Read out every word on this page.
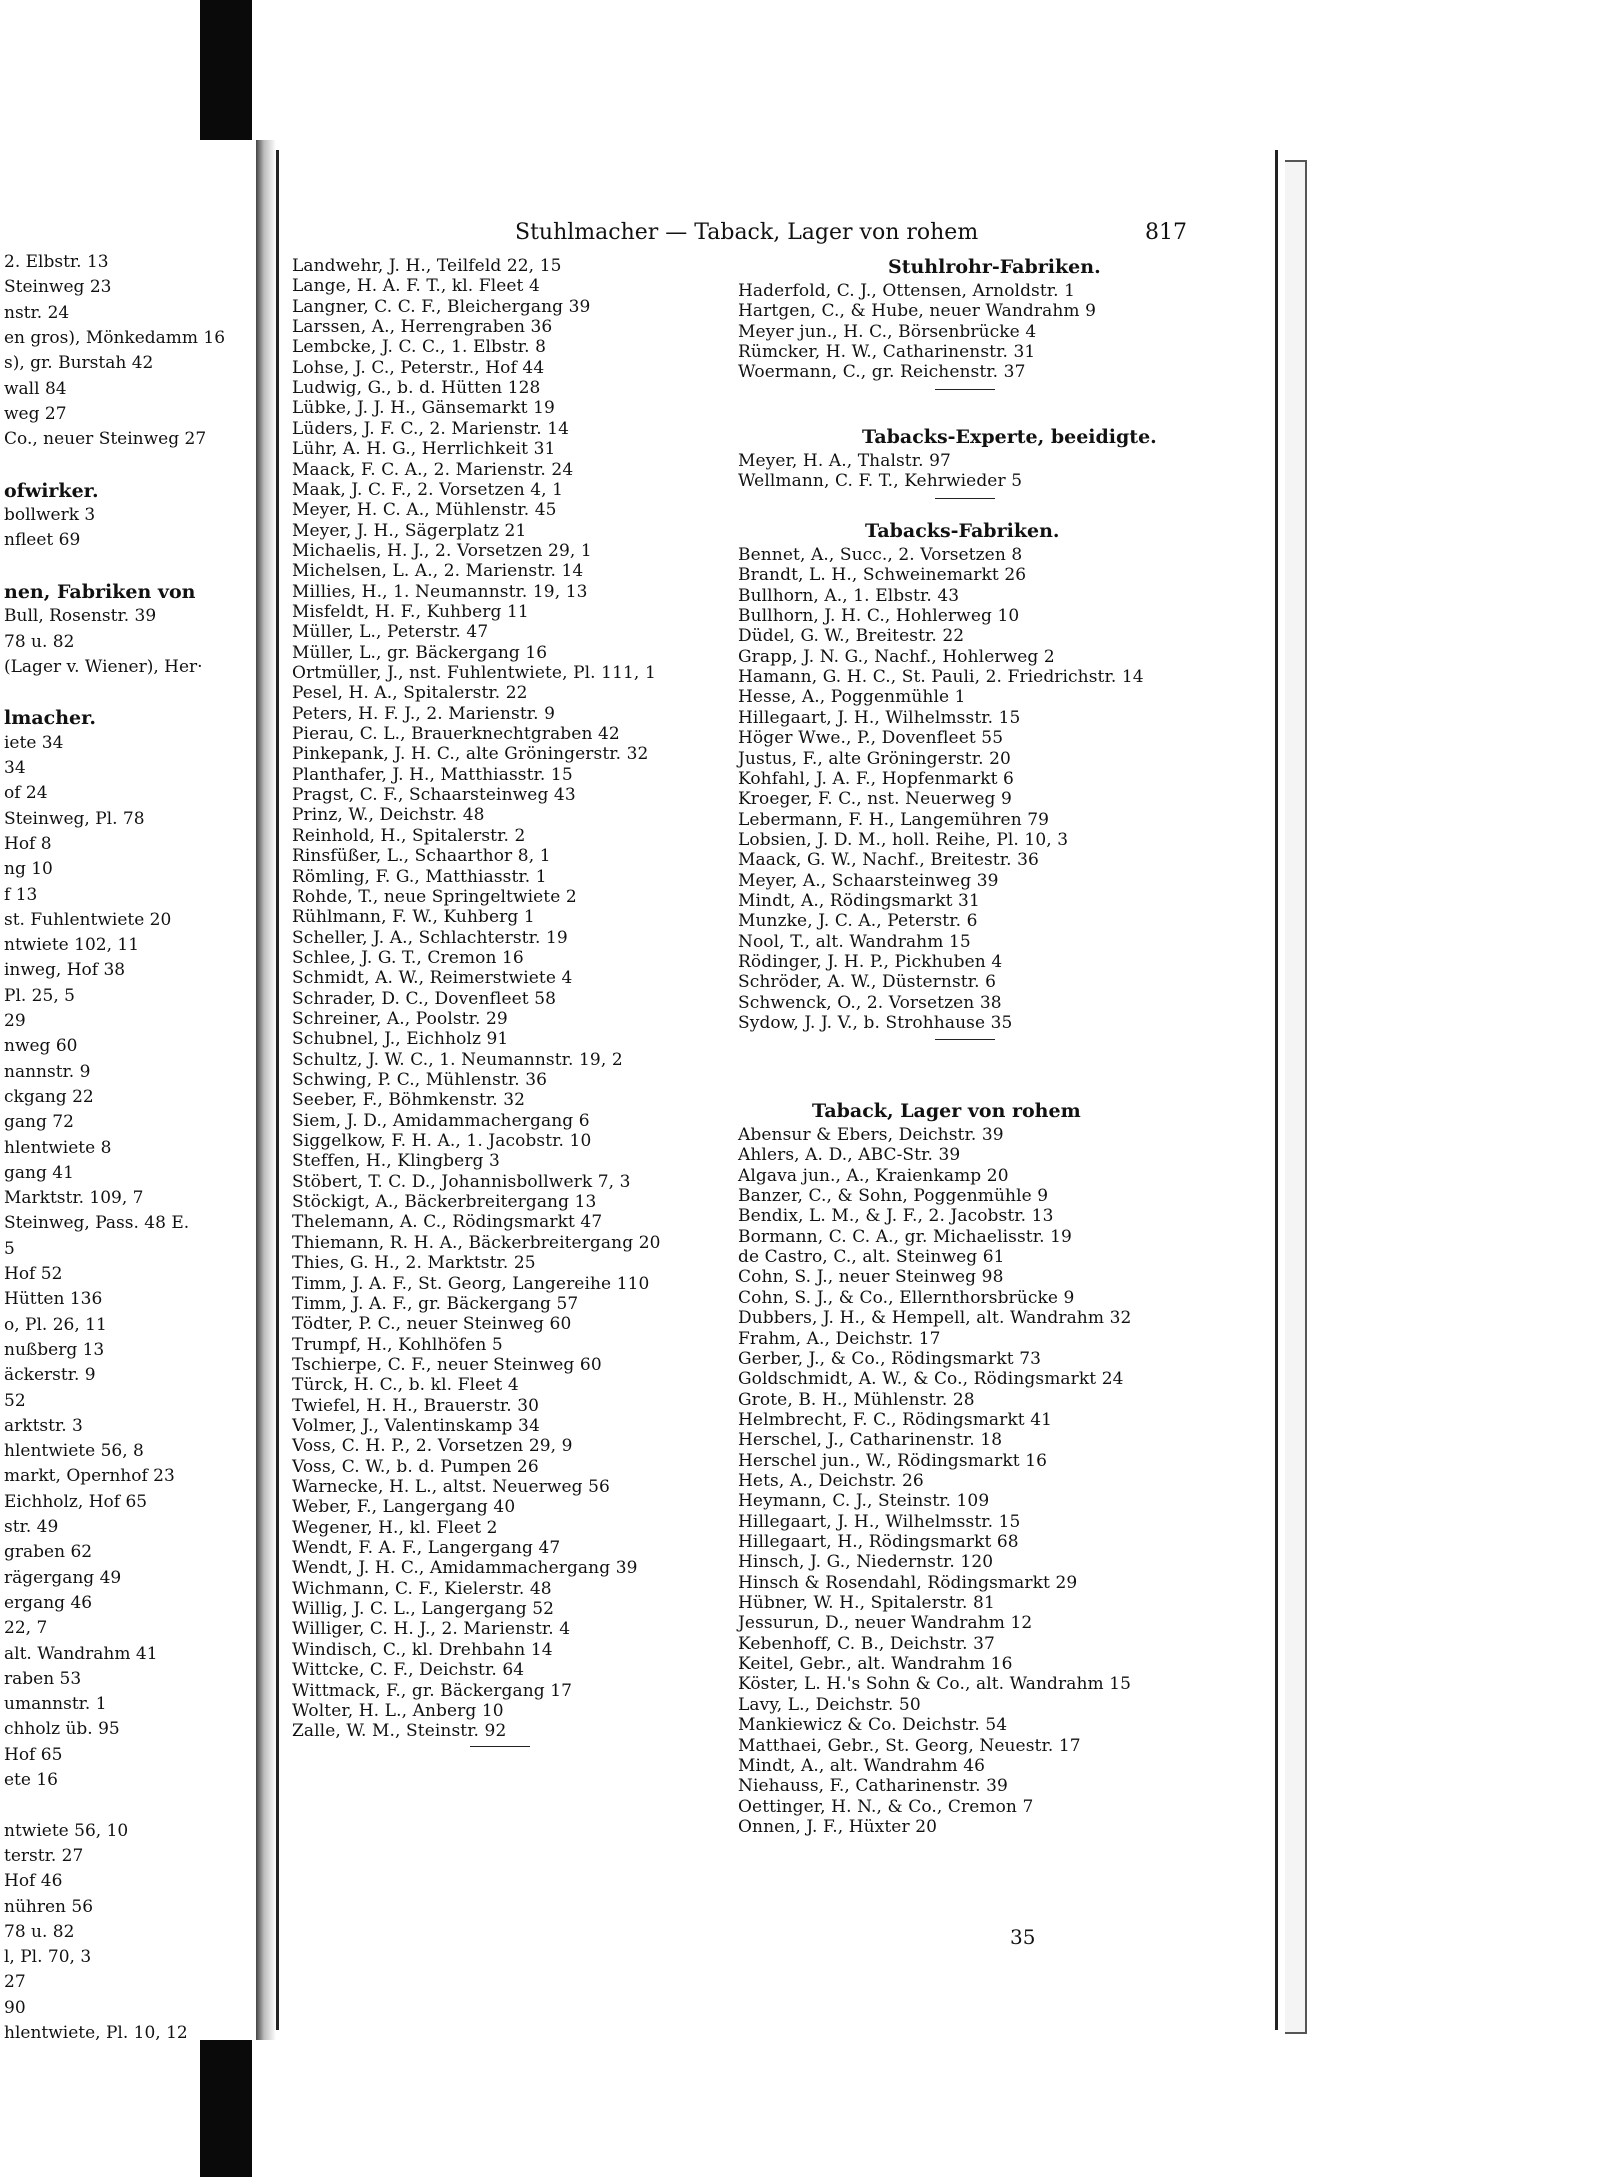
2. Elbstr. 13
Steinweg 23
nstr. 24
en gros), Mönkedamm 16
s), gr. Burstah 42
wall 84
weg 27
Co., neuer Steinweg 27
ofwirker.
bollwerk 3
nfleet 69
nen, Fabriken von
Bull, Rosenstr. 39
78 u. 82
(Lager v. Wiener), Her·
lmacher.
iete 34
34
of 24
Steinweg, Pl. 78
Hof 8
ng 10
f 13
st. Fuhlentwiete 20
ntwiete 102, 11
inweg, Hof 38
Pl. 25, 5
29
nweg 60
nannstr. 9
ckgang 22
gang 72
hlentwiete 8
gang 41
Marktstr. 109, 7
Steinweg, Pass. 48 E.
5
Hof 52
Hütten 136
o, Pl. 26, 11
nußberg 13
äckerstr. 9
52
arktstr. 3
hlentwiete 56, 8
markt, Opernhof 23
Eichholz, Hof 65
str. 49
graben 62
rägergang 49
ergang 46
22, 7
alt. Wandrahm 41
raben 53
umannstr. 1
chholz üb. 95
Hof 65
ete 16
ntwiete 56, 10
terstr. 27
Hof 46
nühren 56
78 u. 82
l, Pl. 70, 3
27
90
hlentwiete, Pl. 10, 12
Stuhlmacher — Taback, Lager von rohem	817
Landwehr, J. H., Teilfeld 22, 15
Lange, H. A. F. T., kl. Fleet 4
Langner, C. C. F., Bleichergang 39
Larssen, A., Herrengraben 36
Lembcke, J. C. C., 1. Elbstr. 8
Lohse, J. C., Peterstr., Hof 44
Ludwig, G., b. d. Hütten 128
Lübke, J. J. H., Gänsemarkt 19
Lüders, J. F. C., 2. Marienstr. 14
Lühr, A. H. G., Herrlichkeit 31
Maack, F. C. A., 2. Marienstr. 24
Maak, J. C. F., 2. Vorsetzen 4, 1
Meyer, H. C. A., Mühlenstr. 45
Meyer, J. H., Sägerplatz 21
Michaelis, H. J., 2. Vorsetzen 29, 1
Michelsen, L. A., 2. Marienstr. 14
Millies, H., 1. Neumannstr. 19, 13
Misfeldt, H. F., Kuhberg 11
Müller, L., Peterstr. 47
Müller, L., gr. Bäckergang 16
Ortmüller, J., nst. Fuhlentwiete, Pl. 111, 1
Pesel, H. A., Spitalerstr. 22
Peters, H. F. J., 2. Marienstr. 9
Pierau, C. L., Brauerknechtgraben 42
Pinkepank, J. H. C., alte Gröningerstr. 32
Planthafer, J. H., Matthiasstr. 15
Pragst, C. F., Schaarsteinweg 43
Prinz, W., Deichstr. 48
Reinhold, H., Spitalerstr. 2
Rinsfüßer, L., Schaarthor 8, 1
Römling, F. G., Matthiasstr. 1
Rohde, T., neue Springeltwiete 2
Rühlmann, F. W., Kuhberg 1
Scheller, J. A., Schlachterstr. 19
Schlee, J. G. T., Cremon 16
Schmidt, A. W., Reimerstwiete 4
Schrader, D. C., Dovenfleet 58
Schreiner, A., Poolstr. 29
Schubnel, J., Eichholz 91
Schultz, J. W. C., 1. Neumannstr. 19, 2
Schwing, P. C., Mühlenstr. 36
Seeber, F., Böhmkenstr. 32
Siem, J. D., Amidammachergang 6
Siggelkow, F. H. A., 1. Jacobstr. 10
Steffen, H., Klingberg 3
Stöbert, T. C. D., Johannisbollwerk 7, 3
Stöckigt, A., Bäckerbreitergang 13
Thelemann, A. C., Rödingsmarkt 47
Thiemann, R. H. A., Bäckerbreitergang 20
Thies, G. H., 2. Marktstr. 25
Timm, J. A. F., St. Georg, Langereihe 110
Timm, J. A. F., gr. Bäckergang 57
Tödter, P. C., neuer Steinweg 60
Trumpf, H., Kohlhöfen 5
Tschierpe, C. F., neuer Steinweg 60
Türck, H. C., b. kl. Fleet 4
Twiefel, H. H., Brauerstr. 30
Volmer, J., Valentinskamp 34
Voss, C. H. P., 2. Vorsetzen 29, 9
Voss, C. W., b. d. Pumpen 26
Warnecke, H. L., altst. Neuerweg 56
Weber, F., Langergang 40
Wegener, H., kl. Fleet 2
Wendt, F. A. F., Langergang 47
Wendt, J. H. C., Amidammachergang 39
Wichmann, C. F., Kielerstr. 48
Willig, J. C. L., Langergang 52
Williger, C. H. J., 2. Marienstr. 4
Windisch, C., kl. Drehbahn 14
Wittcke, C. F., Deichstr. 64
Wittmack, F., gr. Bäckergang 17
Wolter, H. L., Anberg 10
Zalle, W. M., Steinstr. 92
Stuhlrohr-Fabriken.
Haderfold, C. J., Ottensen, Arnoldstr. 1
Hartgen, C., & Hube, neuer Wandrahm 9
Meyer jun., H. C., Börsenbrücke 4
Rümcker, H. W., Catharinenstr. 31
Woermann, C., gr. Reichenstr. 37
Tabacks-Experte, beeidigte.
Meyer, H. A., Thalstr. 97
Wellmann, C. F. T., Kehrwieder 5
Tabacks-Fabriken.
Bennet, A., Succ., 2. Vorsetzen 8
Brandt, L. H., Schweinemarkt 26
Bullhorn, A., 1. Elbstr. 43
Bullhorn, J. H. C., Hohlerweg 10
Düdel, G. W., Breitestr. 22
Grapp, J. N. G., Nachf., Hohlerweg 2
Hamann, G. H. C., St. Pauli, 2. Friedrichstr. 14
Hesse, A., Poggenmühle 1
Hillegaart, J. H., Wilhelmsstr. 15
Höger Wwe., P., Dovenfleet 55
Justus, F., alte Gröningerstr. 20
Kohfahl, J. A. F., Hopfenmarkt 6
Kroeger, F. C., nst. Neuerweg 9
Lebermann, F. H., Langemühren 79
Lobsien, J. D. M., holl. Reihe, Pl. 10, 3
Maack, G. W., Nachf., Breitestr. 36
Meyer, A., Schaarsteinweg 39
Mindt, A., Rödingsmarkt 31
Munzke, J. C. A., Peterstr. 6
Nool, T., alt. Wandrahm 15
Rödinger, J. H. P., Pickhuben 4
Schröder, A. W., Düsternstr. 6
Schwenck, O., 2. Vorsetzen 38
Sydow, J. J. V., b. Strohhause 35
Taback, Lager von rohem
Abensur & Ebers, Deichstr. 39
Ahlers, A. D., ABC-Str. 39
Algava jun., A., Kraienkamp 20
Banzer, C., & Sohn, Poggenmühle 9
Bendix, L. M., & J. F., 2. Jacobstr. 13
Bormann, C. C. A., gr. Michaelisstr. 19
de Castro, C., alt. Steinweg 61
Cohn, S. J., neuer Steinweg 98
Cohn, S. J., & Co., Ellernthorsbrücke 9
Dubbers, J. H., & Hempell, alt. Wandrahm 32
Frahm, A., Deichstr. 17
Gerber, J., & Co., Rödingsmarkt 73
Goldschmidt, A. W., & Co., Rödingsmarkt 24
Grote, B. H., Mühlenstr. 28
Helmbrecht, F. C., Rödingsmarkt 41
Herschel, J., Catharinenstr. 18
Herschel jun., W., Rödingsmarkt 16
Hets, A., Deichstr. 26
Heymann, C. J., Steinstr. 109
Hillegaart, J. H., Wilhelmsstr. 15
Hillegaart, H., Rödingsmarkt 68
Hinsch, J. G., Niedernstr. 120
Hinsch & Rosendahl, Rödingsmarkt 29
Hübner, W. H., Spitalerstr. 81
Jessurun, D., neuer Wandrahm 12
Kebenhoff, C. B., Deichstr. 37
Keitel, Gebr., alt. Wandrahm 16
Köster, L. H.'s Sohn & Co., alt. Wandrahm 15
Lavy, L., Deichstr. 50
Mankiewicz & Co. Deichstr. 54
Matthaei, Gebr., St. Georg, Neuestr. 17
Mindt, A., alt. Wandrahm 46
Niehauss, F., Catharinenstr. 39
Oettinger, H. N., & Co., Cremon 7
Onnen, J. F., Hüxter 20
35
